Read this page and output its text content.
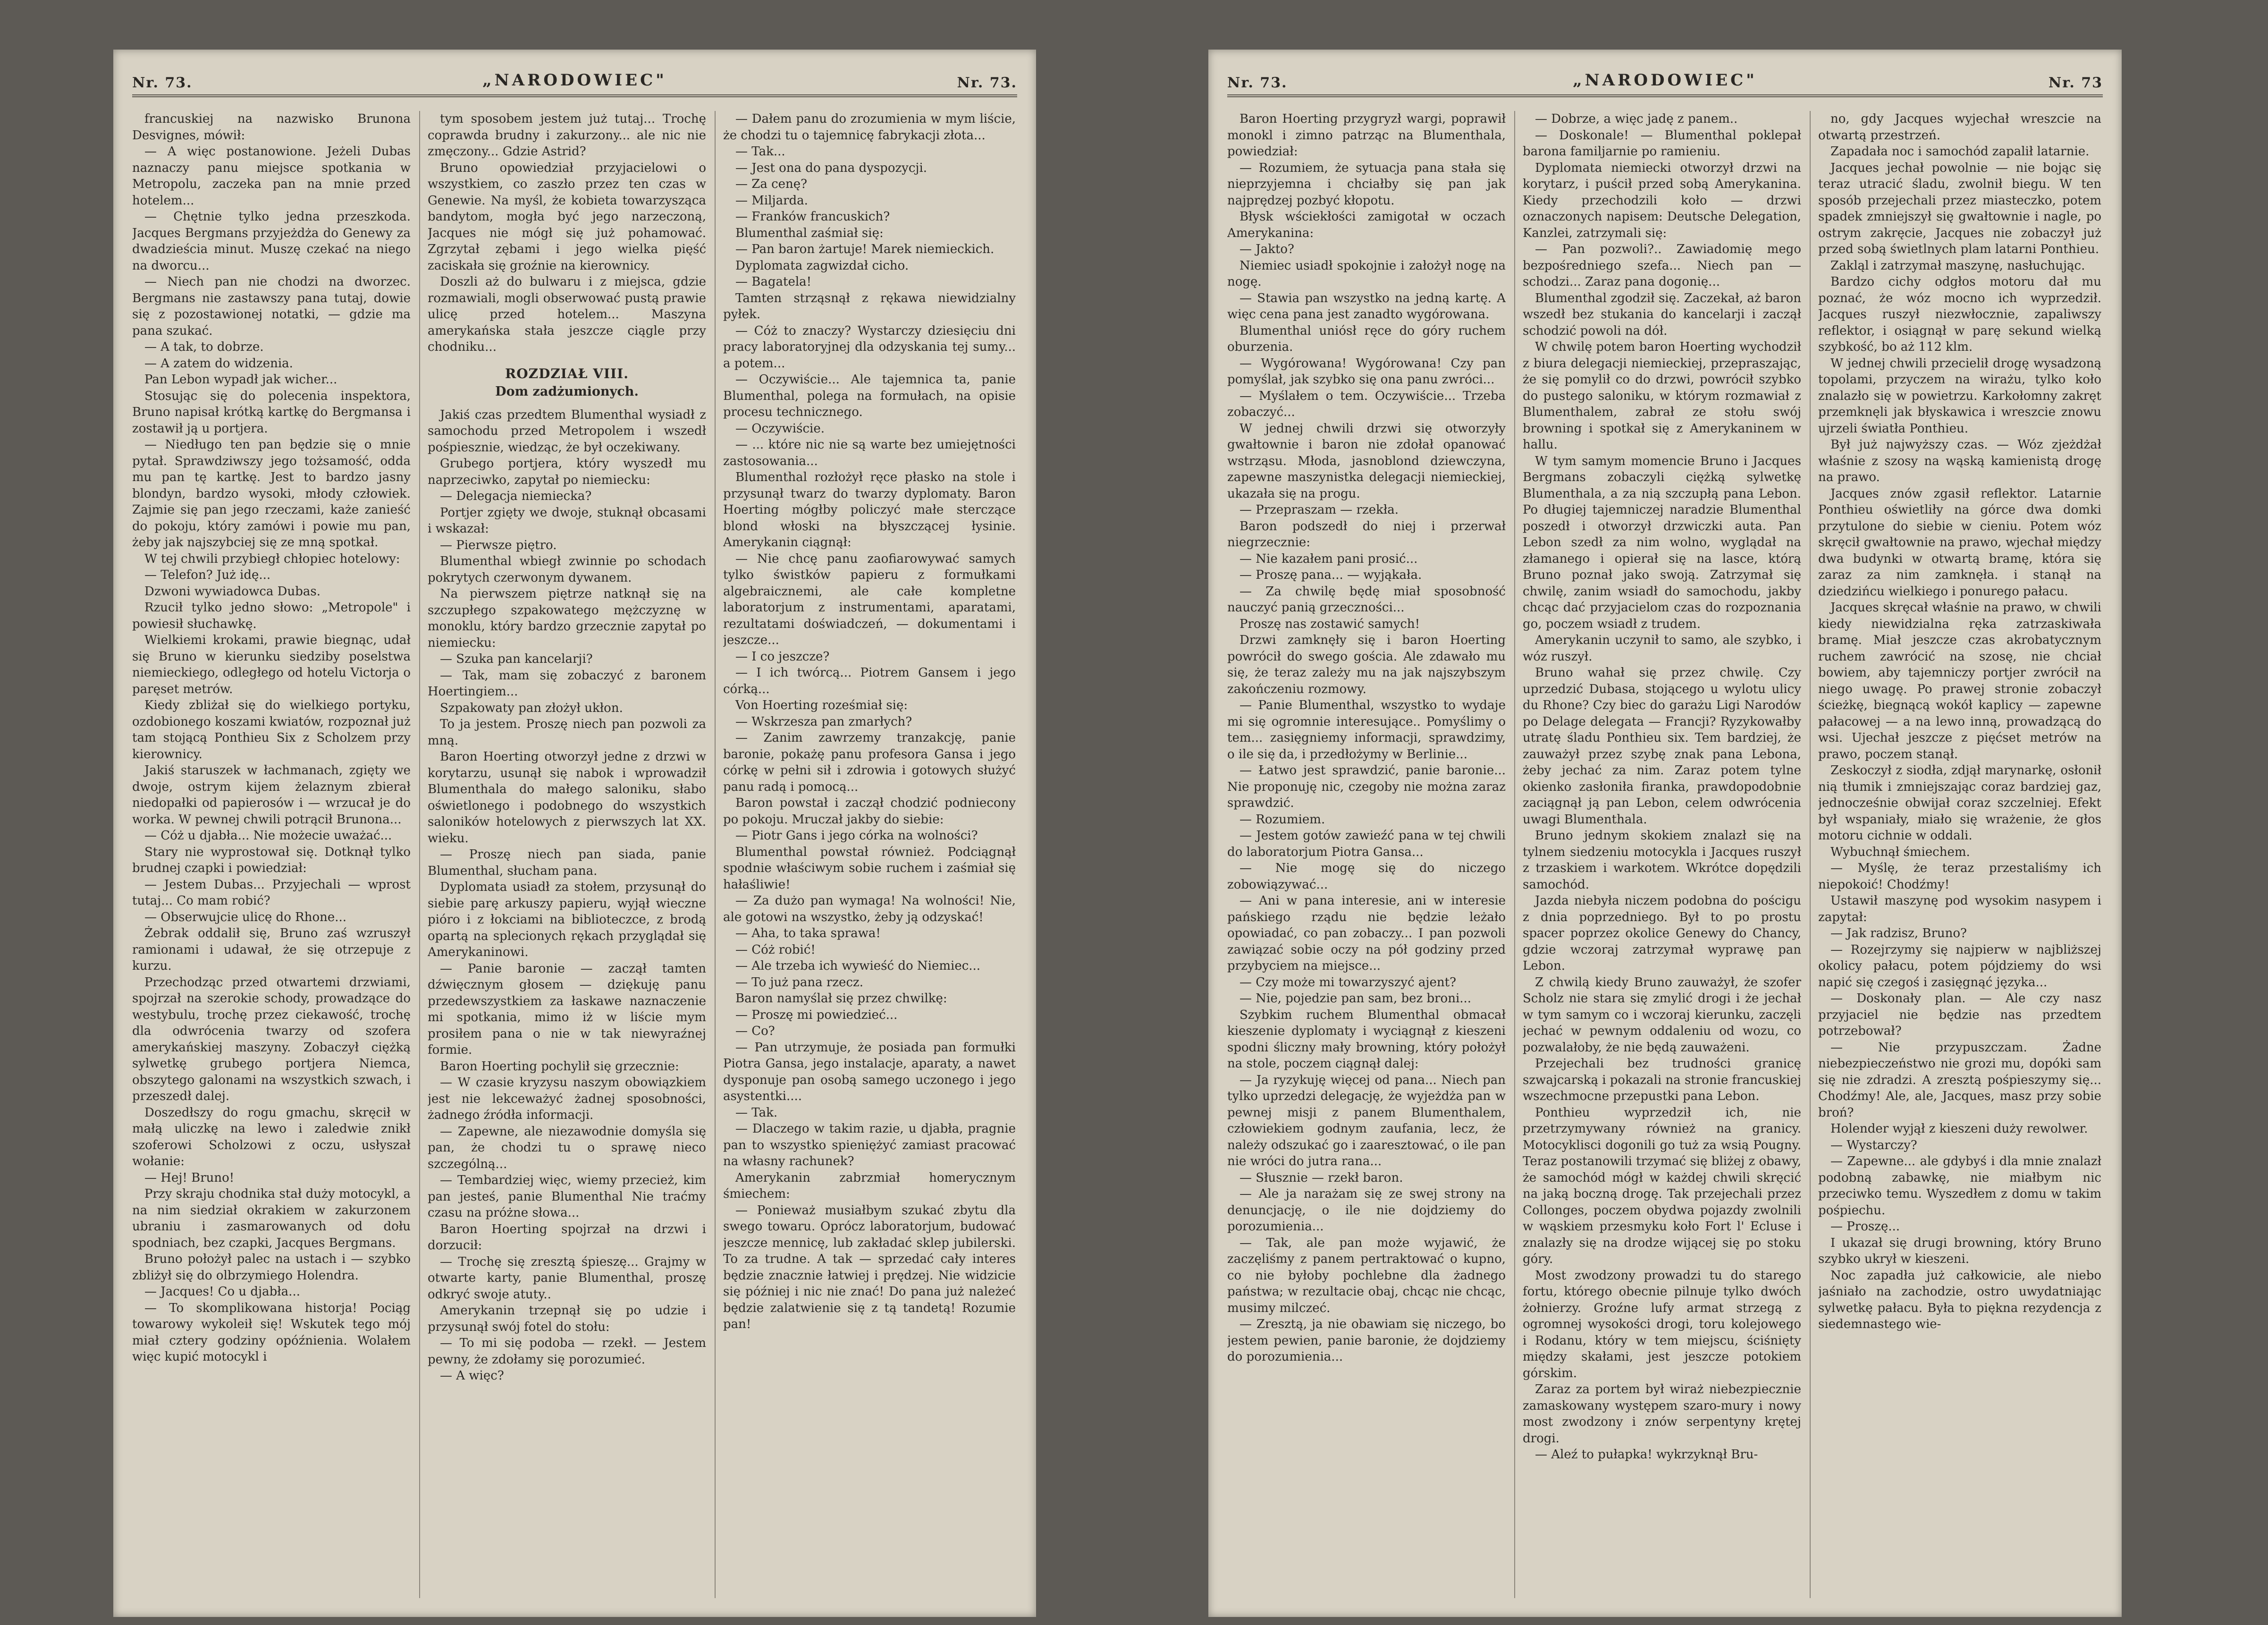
Nr. 73.	„NARODOWIEC"	Nr. 73.

francuskiej na nazwisko Brunona Desvignes, mówił:

— A więc postanowione. Jeżeli Dubas naznaczy panu miejsce spotkania w Metropolu, zaczeka pan na mnie przed hotelem...

— Chętnie tylko jedna przeszkoda. Jacques Bergmans przyjeżdża do Genewy za dwadzieścia minut. Muszę czekać na niego na dworcu...

— Niech pan nie chodzi na dworzec. Bergmans nie zastawszy pana tutaj, dowie się z pozostawionej notatki, — gdzie ma pana szukać.

— A tak, to dobrze.

— A zatem do widzenia.

Pan Lebon wypadł jak wicher...

Stosując się do polecenia inspektora, Bruno napisał krótką kartkę do Bergmansa i zostawił ją u portjera.

— Niedługo ten pan będzie się o mnie pytał. Sprawdziwszy jego tożsamość, odda mu pan tę kartkę. Jest to bardzo jasny blondyn, bardzo wysoki, młody człowiek. Zajmie się pan jego rzeczami, każe zanieść do pokoju, który zamówi i powie mu pan, żeby jak najszybciej się ze mną spotkał.

W tej chwili przybiegł chłopiec hotelowy:

— Telefon? Już idę...

Dzwoni wywiadowca Dubas.

Rzucił tylko jedno słowo: „Metropole" i powiesił słuchawkę.

Wielkiemi krokami, prawie biegnąc, udał się Bruno w kierunku siedziby poselstwa niemieckiego, odległego od hotelu Victorja o paręset metrów.

Kiedy zbliżał się do wielkiego portyku, ozdobionego koszami kwiatów, rozpoznał już tam stojącą Ponthieu Six z Scholzem przy kierownicy.

Jakiś staruszek w łachmanach, zgięty we dwoje, ostrym kijem żelaznym zbierał niedopałki od papierosów i — wrzucał je do worka. W pewnej chwili potrącił Brunona...

— Cóż u djabła... Nie możecie uważać...

Stary nie wyprostował się. Dotknął tylko brudnej czapki i powiedział:

— Jestem Dubas... Przyjechali — wprost tutaj... Co mam robić?

— Obserwujcie ulicę do Rhone...

Żebrak oddalił się, Bruno zaś wzruszył ramionami i udawał, że się otrzepuje z kurzu.

Przechodząc przed otwartemi drzwiami, spojrzał na szerokie schody, prowadzące do westybulu, trochę przez ciekawość, trochę dla odwrócenia twarzy od szofera amerykańskiej maszyny. Zobaczył ciężką sylwetkę grubego portjera Niemca, obszytego galonami na wszystkich szwach, i przeszedł dalej.

Doszedłszy do rogu gmachu, skręcił w małą uliczkę na lewo i zaledwie znikł szoferowi Scholzowi z oczu, usłyszał wołanie:

— Hej! Bruno!

Przy skraju chodnika stał duży motocykl, a na nim siedział okrakiem w zakurzonem ubraniu i zasmarowanych od dołu spodniach, bez czapki, Jacques Bergmans.

Bruno położył palec na ustach i — szybko zbliżył się do olbrzymiego Holendra.

— Jacques! Co u djabła...

— To skomplikowana historja! Pociąg towarowy wykoleił się! Wskutek tego mój miał cztery godziny opóźnienia. Wolałem więc kupić motocykl i

tym sposobem jestem już tutaj... Trochę coprawda brudny i zakurzony... ale nic nie zmęczony... Gdzie Astrid?

Bruno opowiedział przyjacielowi o wszystkiem, co zaszło przez ten czas w Genewie. Na myśl, że kobieta towarzysząca bandytom, mogła być jego narzeczoną, Jacques nie mógł się już pohamować. Zgrzytał zębami i jego wielka pięść zaciskała się groźnie na kierownicy.

Doszli aż do bulwaru i z miejsca, gdzie rozmawiali, mogli obserwować pustą prawie ulicę przed hotelem... Maszyna amerykańska stała jeszcze ciągle przy chodniku...

ROZDZIAŁ VIII.
Dom zadżumionych.

Jakiś czas przedtem Blumenthal wysiadł z samochodu przed Metropolem i wszedł pośpiesznie, wiedząc, że był oczekiwany.

Grubego portjera, który wyszedł mu naprzeciwko, zapytał po niemiecku:

— Delegacja niemiecka?

Portjer zgięty we dwoje, stuknął obcasami i wskazał:

— Pierwsze piętro.

Blumenthal wbiegł zwinnie po schodach pokrytych czerwonym dywanem.

Na pierwszem piętrze natknął się na szczupłego szpakowatego mężczyznę w monoklu, który bardzo grzecznie zapytał po niemiecku:

— Szuka pan kancelarji?

— Tak, mam się zobaczyć z baronem Hoertingiem...

Szpakowaty pan złożył ukłon.

To ja jestem. Proszę niech pan pozwoli za mną.

Baron Hoerting otworzył jedne z drzwi w korytarzu, usunął się nabok i wprowadził Blumenthala do małego saloniku, słabo oświetlonego i podobnego do wszystkich saloników hotelowych z pierwszych lat XX. wieku.

— Proszę niech pan siada, panie Blumenthal, słucham pana.

Dyplomata usiadł za stołem, przysunął do siebie parę arkuszy papieru, wyjął wieczne pióro i z łokciami na biblioteczce, z brodą opartą na splecionych rękach przyglądał się Amerykaninowi.

— Panie baronie — zaczął tamten dźwięcznym głosem — dziękuję panu przedewszystkiem za łaskawe naznaczenie mi spotkania, mimo iż w liście mym prosiłem pana o nie w tak niewyraźnej formie.

Baron Hoerting pochylił się grzecznie:

— W czasie kryzysu naszym obowiązkiem jest nie lekceważyć żadnej sposobności, żadnego źródła informacji.

— Zapewne, ale niezawodnie domyśla się pan, że chodzi tu o sprawę nieco szczególną...

— Tembardziej więc, wiemy przecież, kim pan jesteś, panie Blumenthal Nie traćmy czasu na próżne słowa...

Baron Hoerting spojrzał na drzwi i dorzucił:

— Trochę się zresztą śpieszę... Grajmy w otwarte karty, panie Blumenthal, proszę odkryć swoje atuty..

Amerykanin trzepnął się po udzie i przysunął swój fotel do stołu:

— To mi się podoba — rzekł. — Jestem pewny, że zdołamy się porozumieć.

— A więc?

— Dałem panu do zrozumienia w mym liście, że chodzi tu o tajemnicę fabrykacji złota...

— Tak...

— Jest ona do pana dyspozycji.

— Za cenę?

— Miljarda.

— Franków francuskich?

Blumenthal zaśmiał się:

— Pan baron żartuje! Marek niemieckich.

Dyplomata zagwizdał cicho.

— Bagatela!

Tamten strząsnął z rękawa niewidzialny pyłek.

— Cóż to znaczy? Wystarczy dziesięciu dni pracy laboratoryjnej dla odzyskania tej sumy... a potem...

— Oczywiście... Ale tajemnica ta, panie Blumenthal, polega na formułach, na opisie procesu technicznego.

— Oczywiście.

— ... które nic nie są warte bez umiejętności zastosowania...

Blumenthal rozłożył ręce płasko na stole i przysunął twarz do twarzy dyplomaty. Baron Hoerting mógłby policzyć małe sterczące blond włoski na błyszczącej łysinie. Amerykanin ciągnął:

— Nie chcę panu zaofiarowywać samych tylko świstków papieru z formułkami algebraicznemi, ale całe kompletne laboratorjum z instrumentami, aparatami, rezultatami doświadczeń, — dokumentami i jeszcze...

— I co jeszcze?

— I ich twórcą... Piotrem Gansem i jego córką...

Von Hoerting roześmiał się:

— Wskrzesza pan zmarłych?

— Zanim zawrzemy tranzakcję, panie baronie, pokażę panu profesora Gansa i jego córkę w pełni sił i zdrowia i gotowych służyć panu radą i pomocą...

Baron powstał i zaczął chodzić podniecony po pokoju. Mruczał jakby do siebie:

— Piotr Gans i jego córka na wolności?

Blumenthal powstał również. Podciągnął spodnie właściwym sobie ruchem i zaśmiał się hałaśliwie!

— Za dużo pan wymaga! Na wolności! Nie, ale gotowi na wszystko, żeby ją odzyskać!

— Aha, to taka sprawa!

— Cóż robić!

— Ale trzeba ich wywieść do Niemiec...

— To już pana rzecz.

Baron namyślał się przez chwilkę:

— Proszę mi powiedzieć...

— Co?

— Pan utrzymuje, że posiada pan formułki Piotra Gansa, jego instalacje, aparaty, a nawet dysponuje pan osobą samego uczonego i jego asystentki....

— Tak.

— Dlaczego w takim razie, u djabła, pragnie pan to wszystko spieniężyć zamiast pracować na własny rachunek?

Amerykanin zabrzmiał homerycznym śmiechem:

— Ponieważ musiałbym szukać zbytu dla swego towaru. Oprócz laboratorjum, budować jeszcze mennicę, lub zakładać sklep jubilerski. To za trudne. A tak — sprzedać cały interes będzie znacznie łatwiej i prędzej. Nie widzicie się później i nic nie znać! Do pana już należeć będzie zalatwienie się z tą tandetą! Rozumie pan!

Nr. 73.	„NARODOWIEC"	Nr. 73

Baron Hoerting przygryzł wargi, poprawił monokl i zimno patrząc na Blumenthala, powiedział:

— Rozumiem, że sytuacja pana stała się nieprzyjemna i chciałby się pan jak najprędzej pozbyć kłopotu.

Błysk wściekłości zamigotał w oczach Amerykanina:

— Jakto?

Niemiec usiadł spokojnie i założył nogę na nogę.

— Stawia pan wszystko na jedną kartę. A więc cena pana jest zanadto wygórowana.

Blumenthal uniósł ręce do góry ruchem oburzenia.

— Wygórowana! Wygórowana! Czy pan pomyślał, jak szybko się ona panu zwróci...

— Myślałem o tem. Oczywiście... Trzeba zobaczyć...

W jednej chwili drzwi się otworzyły gwałtownie i baron nie zdołał opanować wstrząsu. Młoda, jasnoblond dziewczyna, zapewne maszynistka delegacji niemieckiej, ukazała się na progu.

— Przepraszam — rzekła.

Baron podszedł do niej i przerwał niegrzecznie:

— Nie kazałem pani prosić...

— Proszę pana... — wyjąkała.

— Za chwilę będę miał sposobność nauczyć panią grzeczności...

Proszę nas zostawić samych!

Drzwi zamknęły się i baron Hoerting powrócił do swego gościa. Ale zdawało mu się, że teraz zależy mu na jak najszybszym zakończeniu rozmowy.

— Panie Blumenthal, wszystko to wydaje mi się ogromnie interesujące.. Pomyślimy o tem... zasięgniemy informacji, sprawdzimy, o ile się da, i przedłożymy w Berlinie...

— Łatwo jest sprawdzić, panie baronie... Nie proponuję nic, czegoby nie można zaraz sprawdzić.

— Rozumiem.

— Jestem gotów zawieźć pana w tej chwili do laboratorjum Piotra Gansa...

— Nie mogę się do niczego zobowiązywać...

— Ani w pana interesie, ani w interesie pańskiego rządu nie będzie leżało opowiadać, co pan zobaczy... I pan pozwoli zawiązać sobie oczy na pół godziny przed przybyciem na miejsce...

— Czy może mi towarzyszyć ajent?

— Nie, pojedzie pan sam, bez broni...

Szybkim ruchem Blumenthal obmacał kieszenie dyplomaty i wyciągnął z kieszeni spodni śliczny mały browning, który położył na stole, poczem ciągnął dalej:

— Ja ryzykuję więcej od pana... Niech pan tylko uprzedzi delegację, że wyjeżdża pan w pewnej misji z panem Blumenthalem, człowiekiem godnym zaufania, lecz, że należy odszukać go i zaaresztować, o ile pan nie wróci do jutra rana...

— Słusznie — rzekł baron.

— Ale ja narażam się ze swej strony na denuncjację, o ile nie dojdziemy do porozumienia...

— Tak, ale pan może wyjawić, że zaczęliśmy z panem pertraktować o kupno, co nie byłoby pochlebne dla żadnego państwa; w rezultacie obaj, chcąc nie chcąc, musimy milczeć.

— Zresztą, ja nie obawiam się niczego, bo jestem pewien, panie baronie, że dojdziemy do porozumienia...

— Dobrze, a więc jadę z panem..

— Doskonale! — Blumenthal poklepał barona familjarnie po ramieniu.

Dyplomata niemiecki otworzył drzwi na korytarz, i puścił przed sobą Amerykanina. Kiedy przechodzili koło — drzwi oznaczonych napisem: Deutsche Delegation, Kanzlei, zatrzymali się:

— Pan pozwoli?.. Zawiadomię mego bezpośredniego szefa... Niech pan — schodzi... Zaraz pana dogonię...

Blumenthal zgodził się. Zaczekał, aż baron wszedł bez stukania do kancelarji i zaczął schodzić powoli na dół.

W chwilę potem baron Hoerting wychodził z biura delegacji niemieckiej, przepraszając, że się pomylił co do drzwi, powrócił szybko do pustego saloniku, w którym rozmawiał z Blumenthalem, zabrał ze stołu swój browning i spotkał się z Amerykaninem w hallu.

W tym samym momencie Bruno i Jacques Bergmans zobaczyli ciężką sylwetkę Blumenthala, a za nią szczupłą pana Lebon. Po długiej tajemniczej naradzie Blumenthal poszedł i otworzył drzwiczki auta. Pan Lebon szedł za nim wolno, wyglądał na złamanego i opierał się na lasce, którą Bruno poznał jako swoją. Zatrzymał się chwilę, zanim wsiadł do samochodu, jakby chcąc dać przyjacielom czas do rozpoznania go, poczem wsiadł z trudem.

Amerykanin uczynił to samo, ale szybko, i wóz ruszył.

Bruno wahał się przez chwilę. Czy uprzedzić Dubasa, stojącego u wylotu ulicy du Rhone? Czy biec do garażu Ligi Narodów po Delage delegata — Francji? Ryzykowałby utratę śladu Ponthieu six. Tem bardziej, że zauważył przez szybę znak pana Lebona, żeby jechać za nim. Zaraz potem tylne okienko zasłoniła firanka, prawdopodobnie zaciągnął ją pan Lebon, celem odwrócenia uwagi Blumenthala.

Bruno jednym skokiem znalazł się na tylnem siedzeniu motocykla i Jacques ruszył z trzaskiem i warkotem. Wkrótce dopędzili samochód.

Jazda niebyła niczem podobna do pościgu z dnia poprzedniego. Był to po prostu spacer poprzez okolice Genewy do Chancy, gdzie wczoraj zatrzymał wyprawę pan Lebon.

Z chwilą kiedy Bruno zauważył, że szofer Scholz nie stara się zmylić drogi i że jechał w tym samym co i wczoraj kierunku, zaczęli jechać w pewnym oddaleniu od wozu, co pozwalałoby, że nie będą zauważeni.

Przejechali bez trudności granicę szwajcarską i pokazali na stronie francuskiej wszechmocne przepustki pana Lebon.

Ponthieu wyprzedził ich, nie przetrzymywany również na granicy. Motocyklisci dogonili go tuż za wsią Pougny. Teraz postanowili trzymać się bliżej z obawy, że samochód mógł w każdej chwili skręcić na jaką boczną drogę. Tak przejechali przez Collonges, poczem obydwa pojazdy zwolnili w wąskiem przesmyku koło Fort l' Ecluse i znalazły się na drodze wijącej się po stoku góry.

Most zwodzony prowadzi tu do starego fortu, którego obecnie pilnuje tylko dwóch żołnierzy. Groźne lufy armat strzegą z ogromnej wysokości drogi, toru kolejowego i Rodanu, który w tem miejscu, ściśnięty między skałami, jest jeszcze potokiem górskim.

Zaraz za portem był wiraż niebezpiecznie zamaskowany występem szaro-mury i nowy most zwodzony i znów serpentyny krętej drogi.

— Aleź to pułapka! wykrzyknął Bru-

no, gdy Jacques wyjechał wreszcie na otwartą przestrzeń.

Zapadała noc i samochód zapalił latarnie.

Jacques jechał powolnie — nie bojąc się teraz utracić śladu, zwolnił biegu. W ten sposób przejechali przez miasteczko, potem spadek zmniejszył się gwałtownie i nagle, po ostrym zakręcie, Jacques nie zobaczył już przed sobą świetlnych plam latarni Ponthieu.

Zakląl i zatrzymał maszynę, nasłuchując.

Bardzo cichy odgłos motoru dał mu poznać, że wóz mocno ich wyprzedził. Jacques ruszył niezwłocznie, zapaliwszy reflektor, i osiągnął w parę sekund wielką szybkość, bo aż 112 klm.

W jednej chwili przecielił drogę wysadzoną topolami, przyczem na wirażu, tylko koło znalazło się w powietrzu. Karkołomny zakręt przemknęli jak błyskawica i wreszcie znowu ujrzeli światła Ponthieu.

Był już najwyższy czas. — Wóz zjeżdżał właśnie z szosy na wąską kamienistą drogę na prawo.

Jacques znów zgasił reflektor. Latarnie Ponthieu oświetliły na górce dwa domki przytulone do siebie w cieniu. Potem wóz skręcił gwałtownie na prawo, wjechał między dwa budynki w otwartą bramę, która się zaraz za nim zamknęła. i stanął na dziedzińcu wielkiego i ponurego pałacu.

Jacques skręcał właśnie na prawo, w chwili kiedy niewidzialna ręka zatrzaskiwała bramę. Miał jeszcze czas akrobatycznym ruchem zawrócić na szosę, nie chciał bowiem, aby tajemniczy portjer zwrócił na niego uwagę. Po prawej stronie zobaczył ścieżkę, biegnącą wokół kaplicy — zapewne pałacowej — a na lewo inną, prowadzącą do wsi. Ujechał jeszcze z pięćset metrów na prawo, poczem stanął.

Zeskoczył z siodła, zdjął marynarkę, osłonił nią tłumik i zmniejszając coraz bardziej gaz, jednocześnie obwijał coraz szczelniej. Efekt był wspaniały, miało się wrażenie, że głos motoru cichnie w oddali.

Wybuchnął śmiechem.

— Myślę, że teraz przestaliśmy ich niepokoić! Chodźmy!

Ustawił maszynę pod wysokim nasypem i zapytał:

— Jak radzisz, Bruno?

— Rozejrzymy się najpierw w najbliższej okolicy pałacu, potem pójdziemy do wsi napić się czegoś i zasięgnąć języka...

— Doskonały plan. — Ale czy nasz przyjaciel nie będzie nas przedtem potrzebował?

— Nie przypuszczam. Żadne niebezpieczeństwo nie grozi mu, dopóki sam się nie zdradzi. A zresztą pośpieszymy się... Chodźmy! Ale, ale, Jacques, masz przy sobie broń?

Holender wyjął z kieszeni duży rewolwer.

— Wystarczy?

— Zapewne... ale gdybyś i dla mnie znalazł podobną zabawkę, nie miałbym nic przeciwko temu. Wyszedłem z domu w takim pośpiechu.

— Proszę...

I ukazał się drugi browning, który Bruno szybko ukrył w kieszeni.

Noc zapadła już całkowicie, ale niebo jaśniało na zachodzie, ostro uwydatniając sylwetkę pałacu. Była to piękna rezydencja z siedemnastego wie-
